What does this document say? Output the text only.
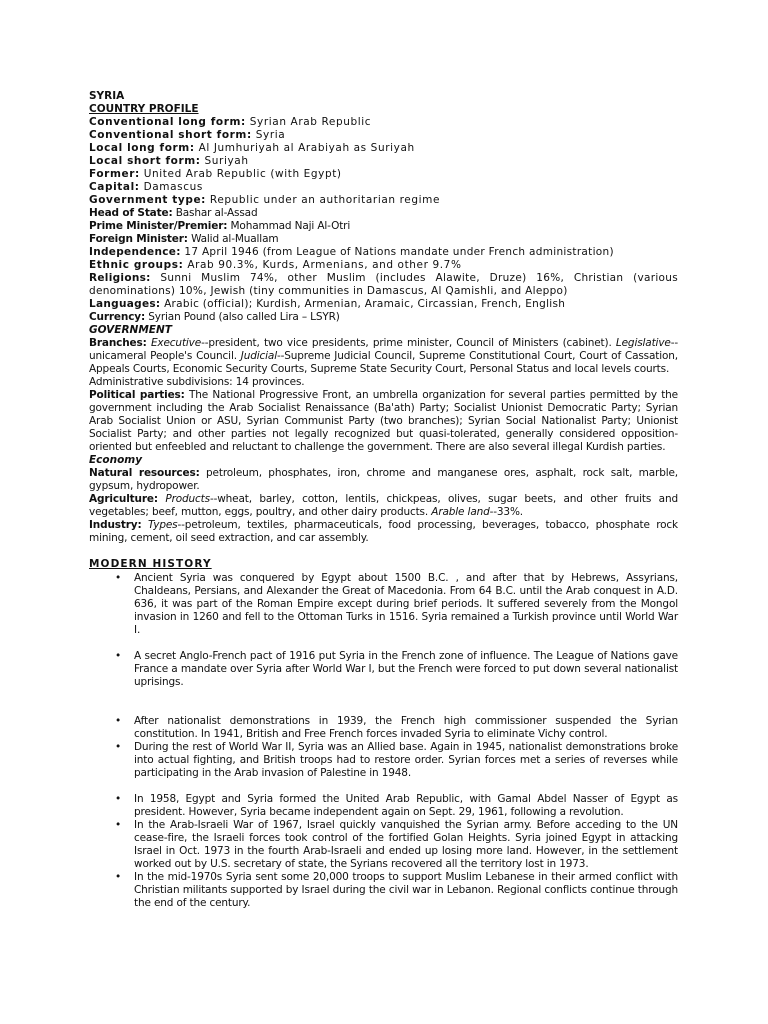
SYRIA
COUNTRY PROFILE
Conventional long form: Syrian Arab Republic
Conventional short form: Syria
Local long form: Al Jumhuriyah al Arabiyah as Suriyah
Local short form: Suriyah
Former: United Arab Republic (with Egypt)
Capital: Damascus
Government type: Republic under an authoritarian regime
Head of State: Bashar al-Assad
Prime Minister/Premier: Mohammad Naji Al-Otri
Foreign Minister: Walid al-Muallam
Independence: 17 April 1946 (from League of Nations mandate under French administration)
Ethnic groups: Arab 90.3%, Kurds, Armenians, and other 9.7%
Religions: Sunni Muslim 74%, other Muslim (includes Alawite, Druze) 16%, Christian (various denominations) 10%, Jewish (tiny communities in Damascus, Al Qamishli, and Aleppo)
Languages: Arabic (official); Kurdish, Armenian, Aramaic, Circassian, French, English
Currency: Syrian Pound (also called Lira – LSYR)
GOVERNMENT
Branches: Executive--president, two vice presidents, prime minister, Council of Ministers (cabinet). Legislative--unicameral People's Council. Judicial--Supreme Judicial Council, Supreme Constitutional Court, Court of Cassation, Appeals Courts, Economic Security Courts, Supreme State Security Court, Personal Status and local levels courts.
Administrative subdivisions: 14 provinces.
Political parties: The National Progressive Front, an umbrella organization for several parties permitted by the government including the Arab Socialist Renaissance (Ba'ath) Party; Socialist Unionist Democratic Party; Syrian Arab Socialist Union or ASU, Syrian Communist Party (two branches); Syrian Social Nationalist Party; Unionist Socialist Party; and other parties not legally recognized but quasi-tolerated, generally considered opposition-oriented but enfeebled and reluctant to challenge the government. There are also several illegal Kurdish parties.
Economy
Natural resources: petroleum, phosphates, iron, chrome and manganese ores, asphalt, rock salt, marble, gypsum, hydropower.
Agriculture: Products--wheat, barley, cotton, lentils, chickpeas, olives, sugar beets, and other fruits and vegetables; beef, mutton, eggs, poultry, and other dairy products. Arable land--33%.
Industry: Types--petroleum, textiles, pharmaceuticals, food processing, beverages, tobacco, phosphate rock mining, cement, oil seed extraction, and car assembly.
MODERN HISTORY
• Ancient Syria was conquered by Egypt about 1500 B.C. , and after that by Hebrews, Assyrians, Chaldeans, Persians, and Alexander the Great of Macedonia. From 64 B.C. until the Arab conquest in A.D. 636, it was part of the Roman Empire except during brief periods. It suffered severely from the Mongol invasion in 1260 and fell to the Ottoman Turks in 1516. Syria remained a Turkish province until World War I.
• A secret Anglo-French pact of 1916 put Syria in the French zone of influence. The League of Nations gave France a mandate over Syria after World War I, but the French were forced to put down several nationalist uprisings.
• After nationalist demonstrations in 1939, the French high commissioner suspended the Syrian constitution. In 1941, British and Free French forces invaded Syria to eliminate Vichy control.
• During the rest of World War II, Syria was an Allied base. Again in 1945, nationalist demonstrations broke into actual fighting, and British troops had to restore order. Syrian forces met a series of reverses while participating in the Arab invasion of Palestine in 1948.
• In 1958, Egypt and Syria formed the United Arab Republic, with Gamal Abdel Nasser of Egypt as president. However, Syria became independent again on Sept. 29, 1961, following a revolution.
• In the Arab-Israeli War of 1967, Israel quickly vanquished the Syrian army. Before acceding to the UN cease-fire, the Israeli forces took control of the fortified Golan Heights. Syria joined Egypt in attacking Israel in Oct. 1973 in the fourth Arab-Israeli and ended up losing more land. However, in the settlement worked out by U.S. secretary of state, the Syrians recovered all the territory lost in 1973.
• In the mid-1970s Syria sent some 20,000 troops to support Muslim Lebanese in their armed conflict with Christian militants supported by Israel during the civil war in Lebanon. Regional conflicts continue through the end of the century.
